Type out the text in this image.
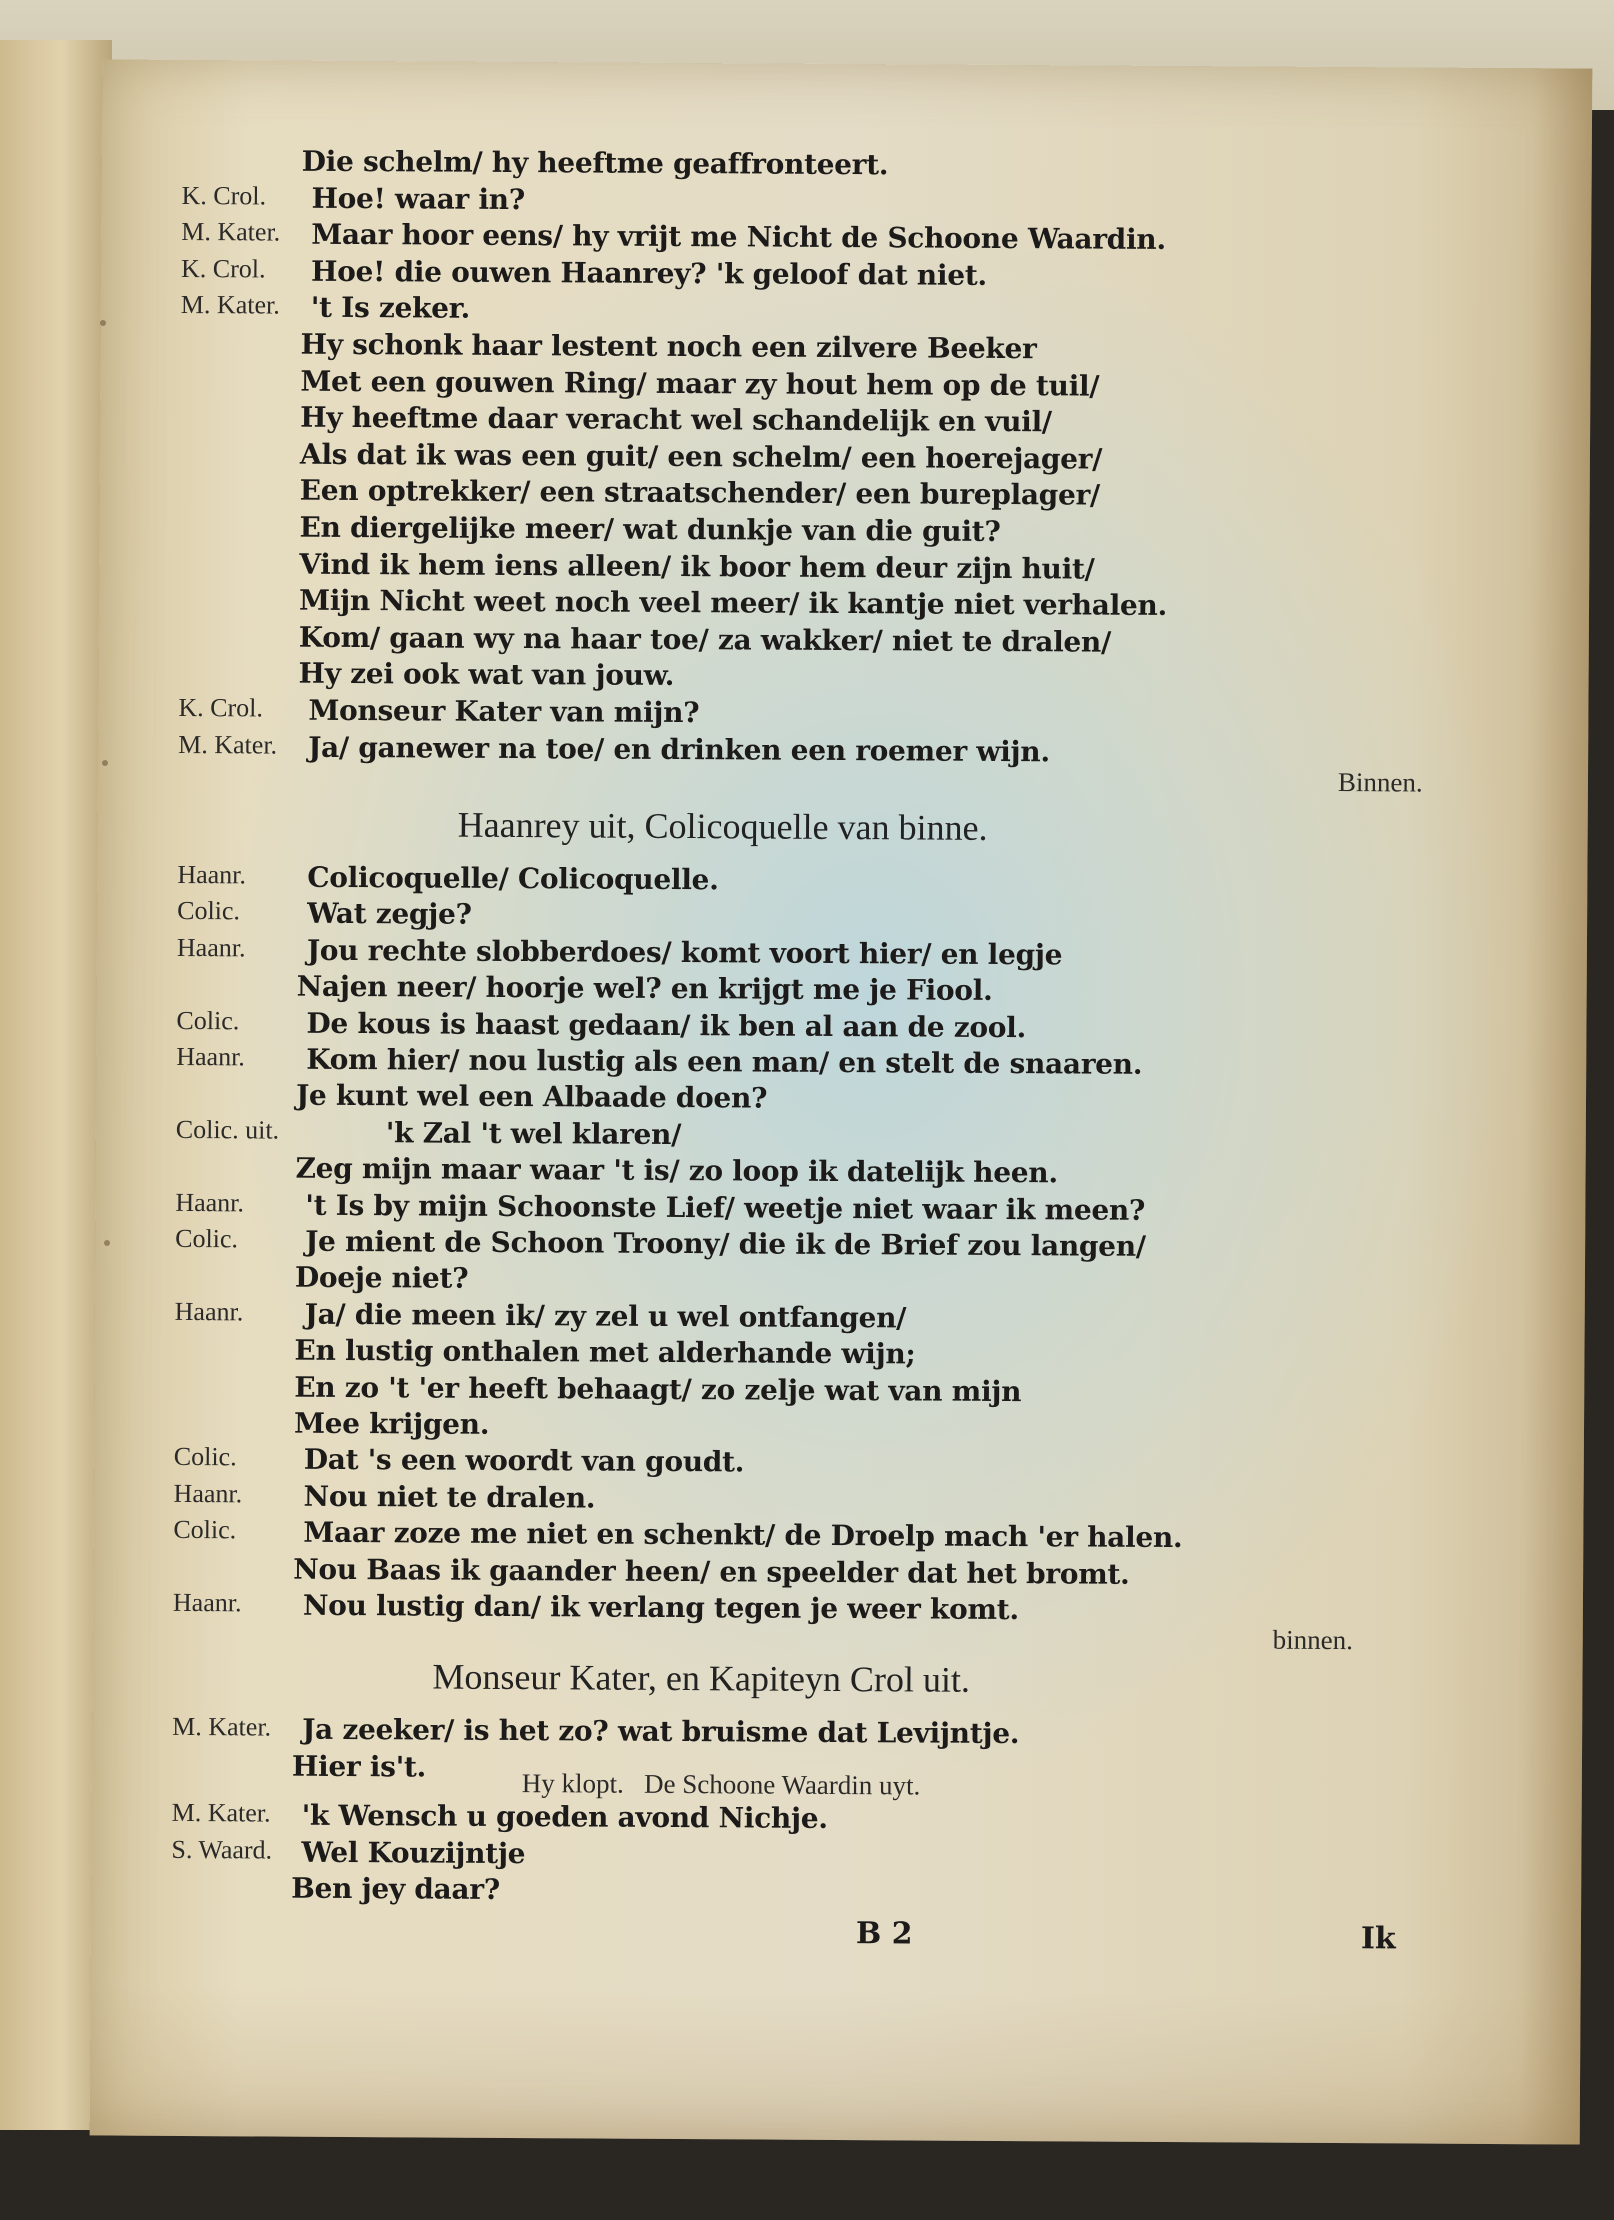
Die schelm/ hy heeftme geaffronteert.
K. Crol. Hoe! waar in?
M. Kater. Maar hoor eens/ hy vrijt me Nicht de Schoone Waardin.
K. Crol. Hoe! die ouwen Haanrey? 'k geloof dat niet.
M. Kater. 't Is zeker.
Hy schonk haar lestent noch een zilvere Beeker
Met een gouwen Ring/ maar zy hout hem op de tuil/
Hy heeftme daar veracht wel schandelijk en vuil/
Als dat ik was een guit/ een schelm/ een hoerejager/
Een optrekker/ een straatschender/ een bureplager/
En diergelijke meer/ wat dunkje van die guit?
Vind ik hem iens alleen/ ik boor hem deur zijn huit/
Mijn Nicht weet noch veel meer/ ik kantje niet verhalen.
Kom/ gaan wy na haar toe/ za wakker/ niet te dralen/
Hy zei ook wat van jouw.
K. Crol. Monseur Kater van mijn?
M. Kater. Ja/ ganewer na toe/ en drinken een roemer wijn.
Haanr. Colicoquelle/ Colicoquelle.
Colic. Wat zegje?
Haanr. Jou rechte slobberdoes/ komt voort hier/ en legje
Najen neer/ hoorje wel? en krijgt me je Fiool.
Colic. De kous is haast gedaan/ ik ben al aan de zool.
Haanr. Kom hier/ nou lustig als een man/ en stelt de snaaren.
Je kunt wel een Albaade doen?
Colic. uit.	'k Zal 't wel klaren/
Zeg mijn maar waar 't is/ zo loop ik datelijk heen.
Haanr. 't Is by mijn Schoonste Lief/ weetje niet waar ik meen?
Colic. Je mient de Schoon Troony/ die ik de Brief zou langen/
Doeje niet?
Haanr. Ja/ die meen ik/ zy zel u wel ontfangen/
En lustig onthalen met alderhande wijn;
En zo 't 'er heeft behaagt/ zo zelje wat van mijn
Mee krijgen.
Colic. Dat 's een woordt van goudt.
Haanr. Nou niet te dralen.
Colic. Maar zoze me niet en schenkt/ de Droelp mach 'er halen.
Nou Baas ik gaander heen/ en speelder dat het bromt.
Haanr. Nou lustig dan/ ik verlang tegen je weer komt.
M. Kater. Ja zeeker/ is het zo? wat bruisme dat Levijntje.
Hier is't.
M. Kater. 'k Wensch u goeden avond Nichje.
S. Waard. Wel Kouzijntje
Ben jey daar?
Binnen.
Haanrey uit, Colicoquelle van binne.
binnen.
Monseur Kater, en Kapiteyn Crol uit.
Hy klopt.   De Schoone Waardin uyt.
B 2	Ik
